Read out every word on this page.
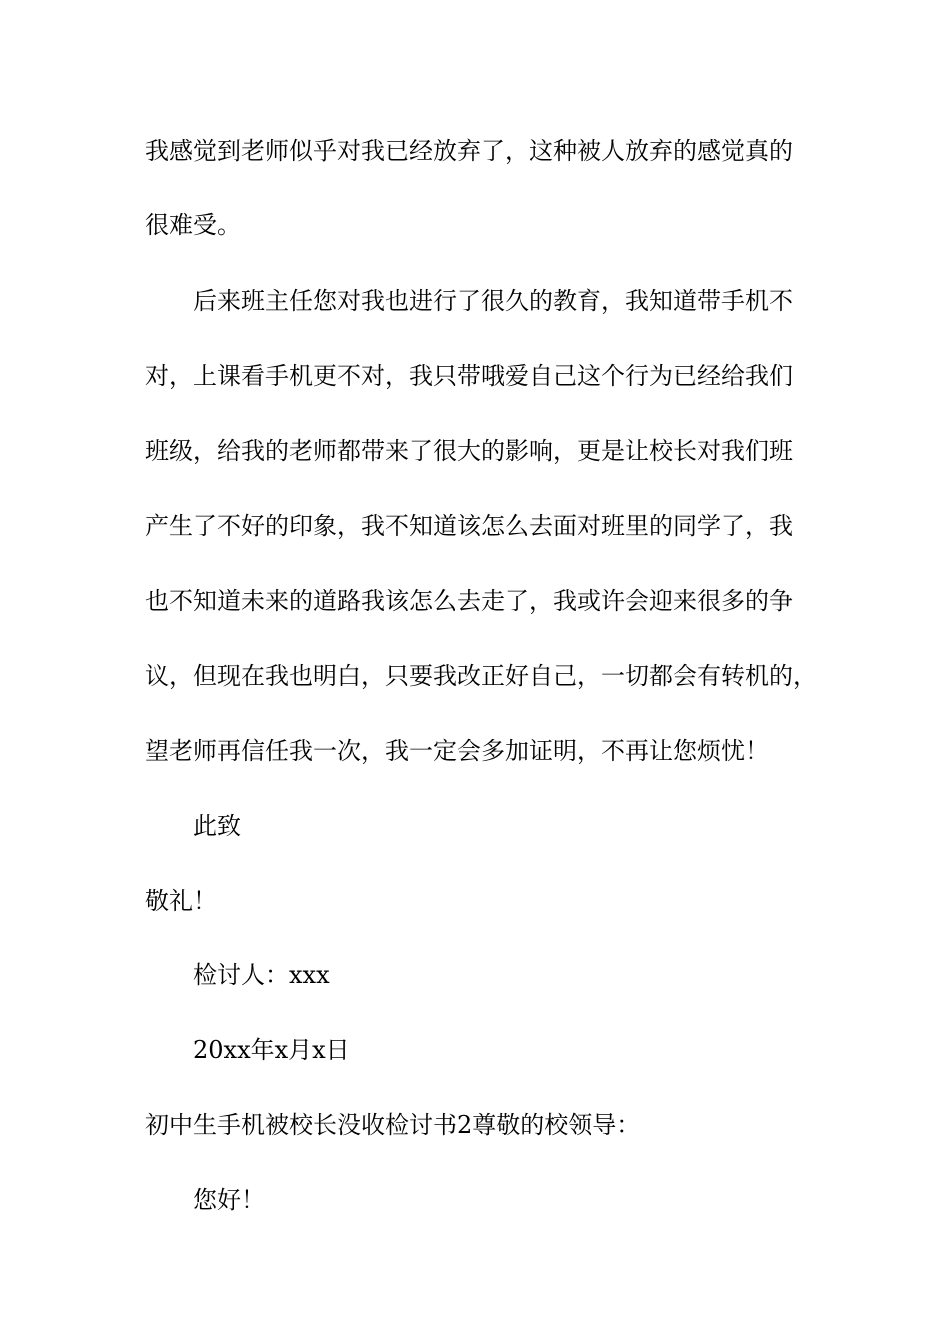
我感觉到老师似乎对我已经放弃了，这种被人放弃的感觉真的
很难受。
后来班主任您对我也进行了很久的教育，我知道带手机不
对，上课看手机更不对，我只带哦爱自己这个行为已经给我们
班级，给我的老师都带来了很大的影响，更是让校长对我们班
产生了不好的印象，我不知道该怎么去面对班里的同学了，我
也不知道未来的道路我该怎么去走了，我或许会迎来很多的争
议，但现在我也明白，只要我改正好自己，一切都会有转机的，
望老师再信任我一次，我一定会多加证明，不再让您烦忧！
此致
敬礼！
检讨人：xxx
20xx年x月x日
初中生手机被校长没收检讨书2尊敬的校领导：
您好！
